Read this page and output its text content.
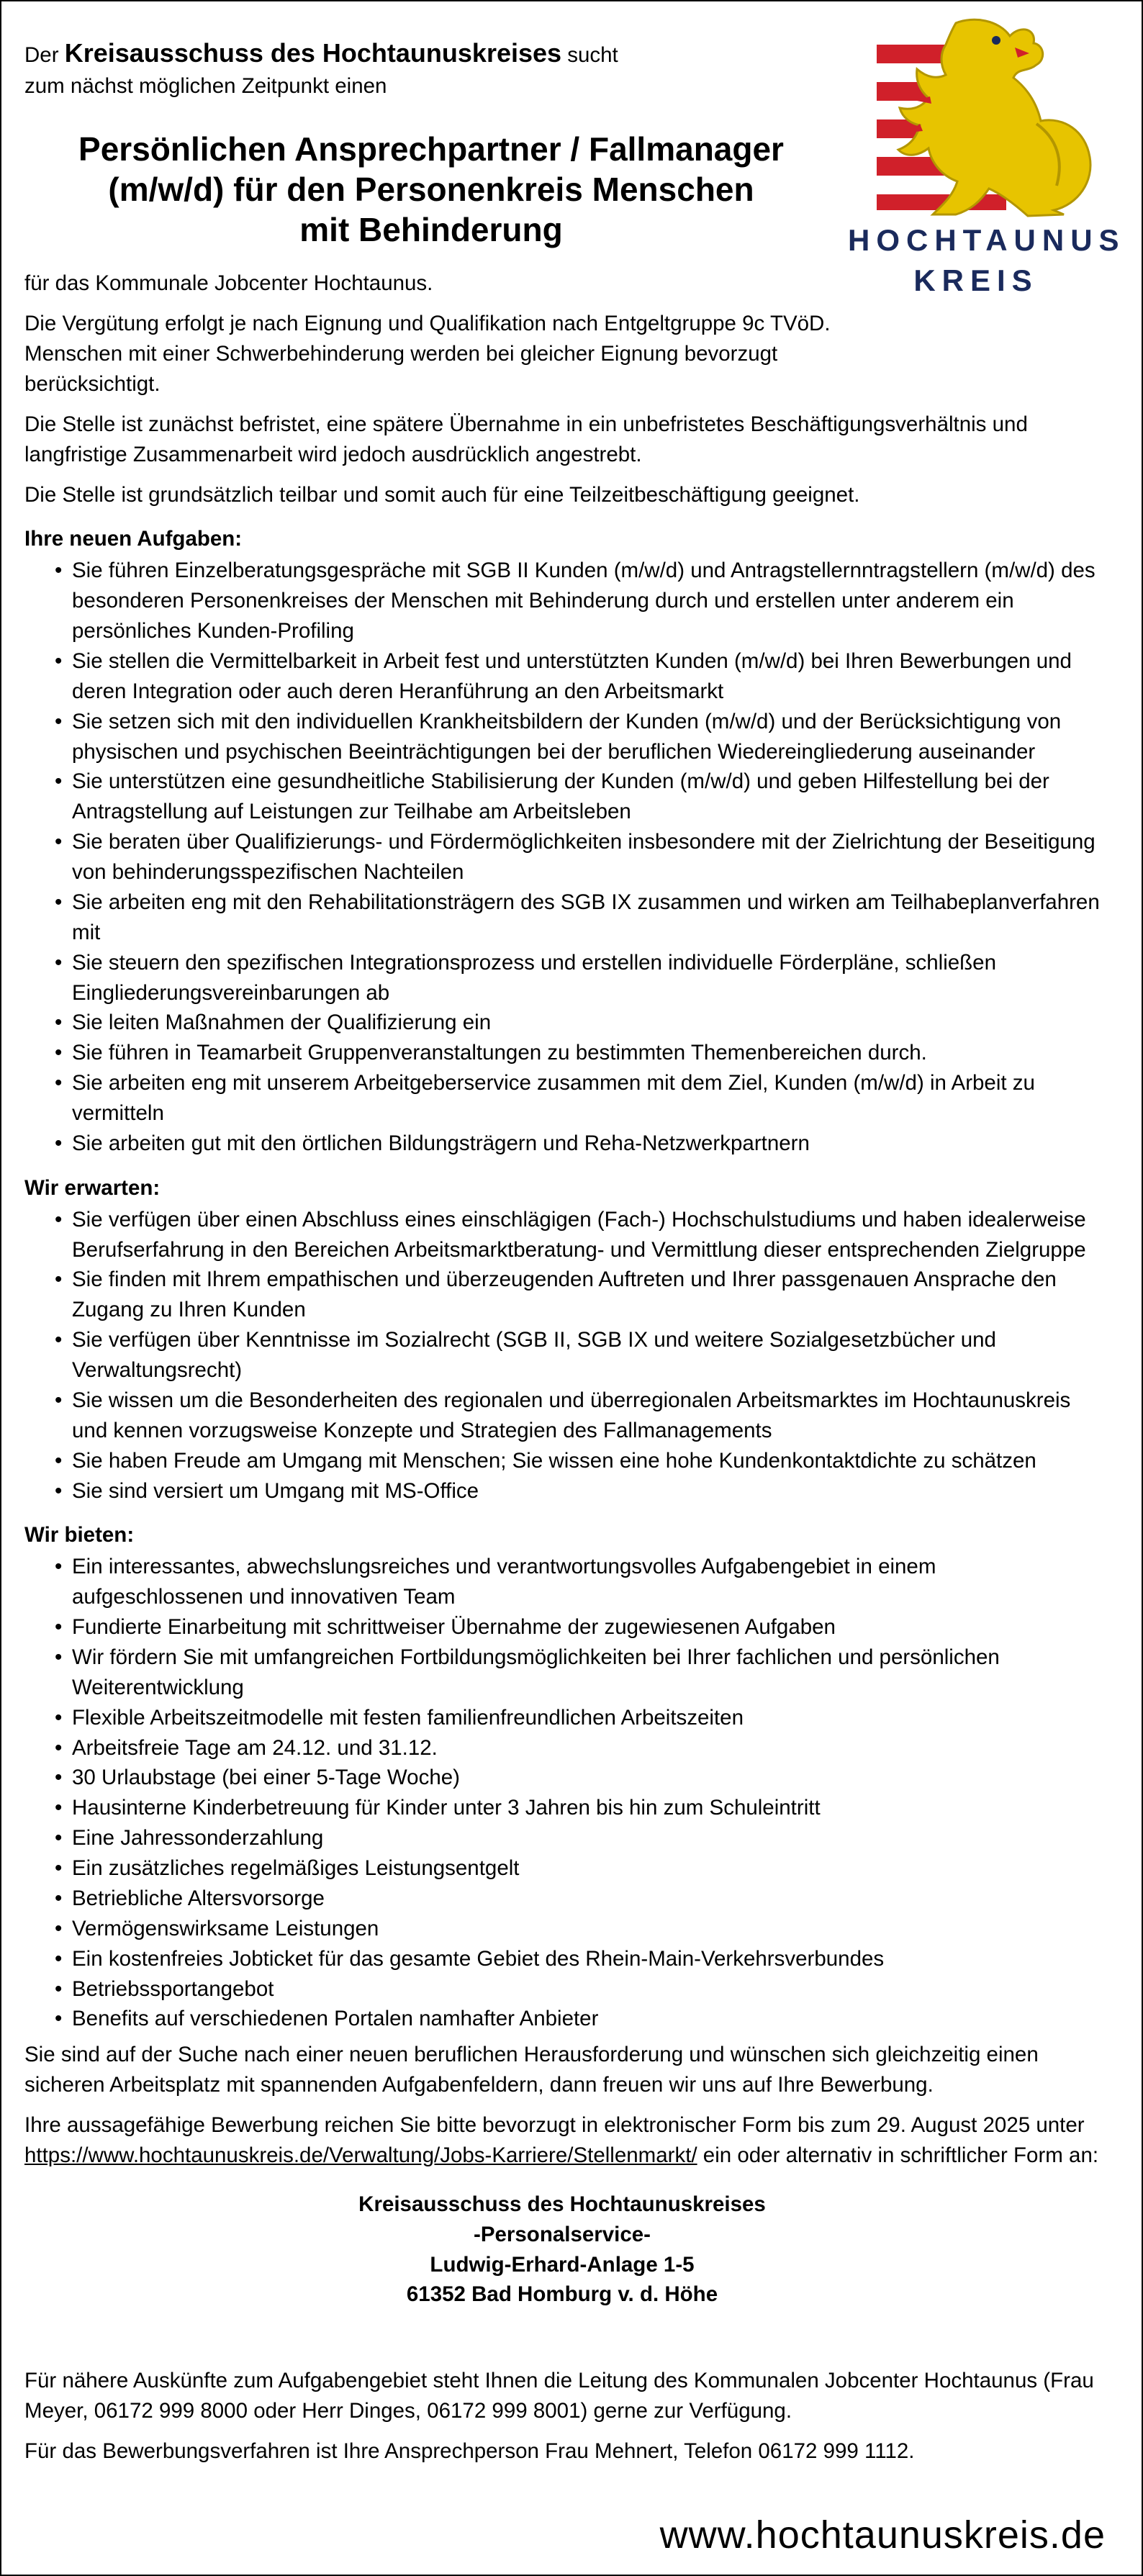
HOCHTAUNUS
KREIS
Der Kreisausschuss des Hochtaunuskreises sucht
zum nächst möglichen Zeitpunkt einen
Persönlichen Ansprechpartner / Fallmanager
(m/w/d) für den Personenkreis Menschen
mit Behinderung

für das Kommunale Jobcenter Hochtaunus.

Die Vergütung erfolgt je nach Eignung und Qualifikation nach Entgeltgruppe 9c TVöD. Menschen mit einer Schwerbehinderung werden bei gleicher Eignung bevorzugt berücksichtigt.

Die Stelle ist zunächst befristet, eine spätere Übernahme in ein unbefristetes Beschäftigungsverhältnis und langfristige Zusammenarbeit wird jedoch ausdrücklich angestrebt.

Die Stelle ist grundsätzlich teilbar und somit auch für eine Teilzeitbeschäftigung geeignet.

Ihre neuen Aufgaben:
• Sie führen Einzelberatungsgespräche mit SGB II Kunden (m/w/d) und Antragstellernntragstellern (m/w/d) des besonderen Personenkreises der Menschen mit Behinderung durch und erstellen unter anderem ein persönliches Kunden-Profiling
• Sie stellen die Vermittelbarkeit in Arbeit fest und unterstützten Kunden (m/w/d) bei Ihren Bewerbungen und deren Integration oder auch deren Heranführung an den Arbeitsmarkt
• Sie setzen sich mit den individuellen Krankheitsbildern der Kunden (m/w/d) und der Berücksichtigung von physischen und psychischen Beeinträchtigungen bei der beruflichen Wiedereingliederung auseinander
• Sie unterstützen eine gesundheitliche Stabilisierung der Kunden (m/w/d) und geben Hilfestellung bei der Antragstellung auf Leistungen zur Teilhabe am Arbeitsleben
• Sie beraten über Qualifizierungs- und Fördermöglichkeiten insbesondere mit der Zielrichtung der Beseitigung von behinderungsspezifischen Nachteilen
• Sie arbeiten eng mit den Rehabilitationsträgern des SGB IX zusammen und wirken am Teilhabeplanverfahren mit
• Sie steuern den spezifischen Integrationsprozess und erstellen individuelle Förderpläne, schließen Eingliederungsvereinbarungen ab
• Sie leiten Maßnahmen der Qualifizierung ein
• Sie führen in Teamarbeit Gruppenveranstaltungen zu bestimmten Themenbereichen durch.
• Sie arbeiten eng mit unserem Arbeitgeberservice zusammen mit dem Ziel, Kunden (m/w/d) in Arbeit zu vermitteln
• Sie arbeiten gut mit den örtlichen Bildungsträgern und Reha-Netzwerkpartnern
Wir erwarten:
• Sie verfügen über einen Abschluss eines einschlägigen (Fach-) Hochschulstudiums und haben idealerweise Berufserfahrung in den Bereichen Arbeitsmarktberatung- und Vermittlung dieser entsprechenden Zielgruppe
• Sie finden mit Ihrem empathischen und überzeugenden Auftreten und Ihrer passgenauen Ansprache den Zugang zu Ihren Kunden
• Sie verfügen über Kenntnisse im Sozialrecht (SGB II, SGB IX und weitere Sozialgesetzbücher und Verwaltungsrecht)
• Sie wissen um die Besonderheiten des regionalen und überregionalen Arbeitsmarktes im Hochtaunuskreis und kennen vorzugsweise Konzepte und Strategien des Fallmanagements
• Sie haben Freude am Umgang mit Menschen; Sie wissen eine hohe Kundenkontaktdichte zu schätzen
• Sie sind versiert um Umgang mit MS-Office
Wir bieten:
• Ein interessantes, abwechslungsreiches und verantwortungsvolles Aufgabengebiet in einem aufgeschlossenen und innovativen Team
• Fundierte Einarbeitung mit schrittweiser Übernahme der zugewiesenen Aufgaben
• Wir fördern Sie mit umfangreichen Fortbildungsmöglichkeiten bei Ihrer fachlichen und persönlichen Weiterentwicklung
• Flexible Arbeitszeitmodelle mit festen familienfreundlichen Arbeitszeiten
• Arbeitsfreie Tage am 24.12. und 31.12.
• 30 Urlaubstage (bei einer 5-Tage Woche)
• Hausinterne Kinderbetreuung für Kinder unter 3 Jahren bis hin zum Schuleintritt
• Eine Jahressonderzahlung
• Ein zusätzliches regelmäßiges Leistungsentgelt
• Betriebliche Altersvorsorge
• Vermögenswirksame Leistungen
• Ein kostenfreies Jobticket für das gesamte Gebiet des Rhein-Main-Verkehrsverbundes
• Betriebssportangebot
• Benefits auf verschiedenen Portalen namhafter Anbieter

Sie sind auf der Suche nach einer neuen beruflichen Herausforderung und wünschen sich gleichzeitig einen sicheren Arbeitsplatz mit spannenden Aufgabenfeldern, dann freuen wir uns auf Ihre Bewerbung.

Ihre aussagefähige Bewerbung reichen Sie bitte bevorzugt in elektronischer Form bis zum 29. August 2025 unter https://www.hochtaunuskreis.de/Verwaltung/Jobs-Karriere/Stellenmarkt/ ein oder alternativ in schriftlicher Form an:

Kreisausschuss des Hochtaunuskreises
-Personalservice-
Ludwig-Erhard-Anlage 1-5
61352 Bad Homburg v. d. Höhe

Für nähere Auskünfte zum Aufgabengebiet steht Ihnen die Leitung des Kommunalen Jobcenter Hochtaunus (Frau Meyer, 06172 999 8000 oder Herr Dinges, 06172 999 8001) gerne zur Verfügung.

Für das Bewerbungsverfahren ist Ihre Ansprechperson Frau Mehnert, Telefon 06172 999 1112.

www.hochtaunuskreis.de
